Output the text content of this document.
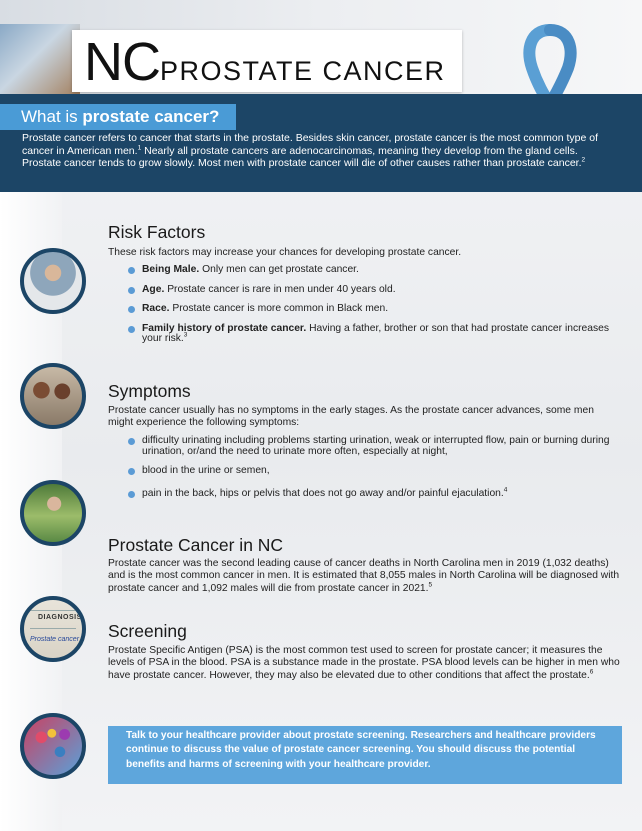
NC PROSTATE CANCER
What is prostate cancer?
Prostate cancer refers to cancer that starts in the prostate. Besides skin cancer, prostate cancer is the most common type of cancer in American men.$^1$ Nearly all prostate cancers are adenocarcinomas, meaning they develop from the gland cells. Prostate cancer tends to grow slowly. Most men with prostate cancer will die of other causes rather than prostate cancer.$^2$
DIAGNOSIS
Prostate cancer
Risk Factors
These risk factors may increase your chances for developing prostate cancer.
Being Male. Only men can get prostate cancer.
Age. Prostate cancer is rare in men under 40 years old.
Race. Prostate cancer is more common in Black men.
Family history of prostate cancer. Having a father, brother or son that had prostate cancer increases your risk.$^3$
Symptoms
Prostate cancer usually has no symptoms in the early stages. As the prostate cancer advances, some men might experience the following symptoms:
difficulty urinating including problems starting urination, weak or interrupted flow, pain or burning during urination, or/and the need to urinate more often, especially at night,
blood in the urine or semen,
pain in the back, hips or pelvis that does not go away and/or painful ejaculation.$^4$
Prostate Cancer in NC
Prostate cancer was the second leading cause of cancer deaths in North Carolina men in 2019 (1,032 deaths) and is the most common cancer in men. It is estimated that 8,055 males in North Carolina will be diagnosed with prostate cancer and 1,092 males will die from prostate cancer in 2021.$^5$
Screening
Prostate Specific Antigen (PSA) is the most common test used to screen for prostate cancer; it measures the levels of PSA in the blood. PSA is a substance made in the prostate. PSA blood levels can be higher in men who have prostate cancer. However, they may also be elevated due to other conditions that affect the prostate.$^6$
Talk to your healthcare provider about prostate screening. Researchers and healthcare providers continue to discuss the value of prostate cancer screening. You should discuss the potential benefits and harms of screening with your healthcare provider.
